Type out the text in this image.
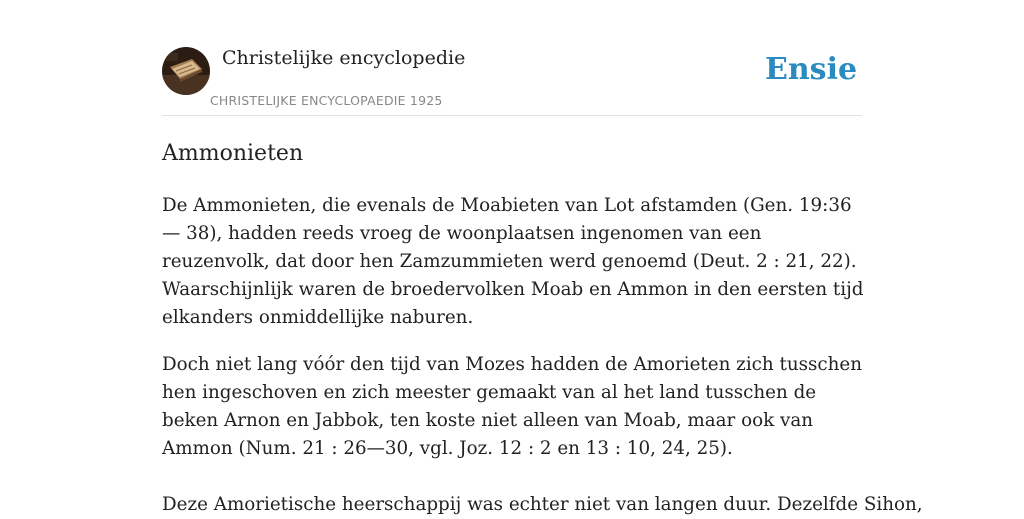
Christelijke encyclopedie
CHRISTELIJKE ENCYCLOPAEDIE 1925
Ensie
Ammonieten

De Ammonieten, die evenals de Moabieten van Lot afstamden (Gen. 19:36— 38), hadden reeds vroeg de woonplaatsen ingenomen van een reuzenvolk, dat door hen Zamzummieten werd genoemd (Deut. 2 : 21, 22). Waarschijnlijk waren de broedervolken Moab en Ammon in den eersten tijd elkanders onmiddellijke naburen.

Doch niet lang vóór den tijd van Mozes hadden de Amorieten zich tusschen hen ingeschoven en zich meester gemaakt van al het land tusschen de beken Arnon en Jabbok, ten koste niet alleen van Moab, maar ook van Ammon (Num. 21 : 26—30, vgl. Joz. 12 : 2 en 13 : 10, 24, 25).

Deze Amorietische heerschappij was echter niet van langen duur. Dezelfde Sihon,
